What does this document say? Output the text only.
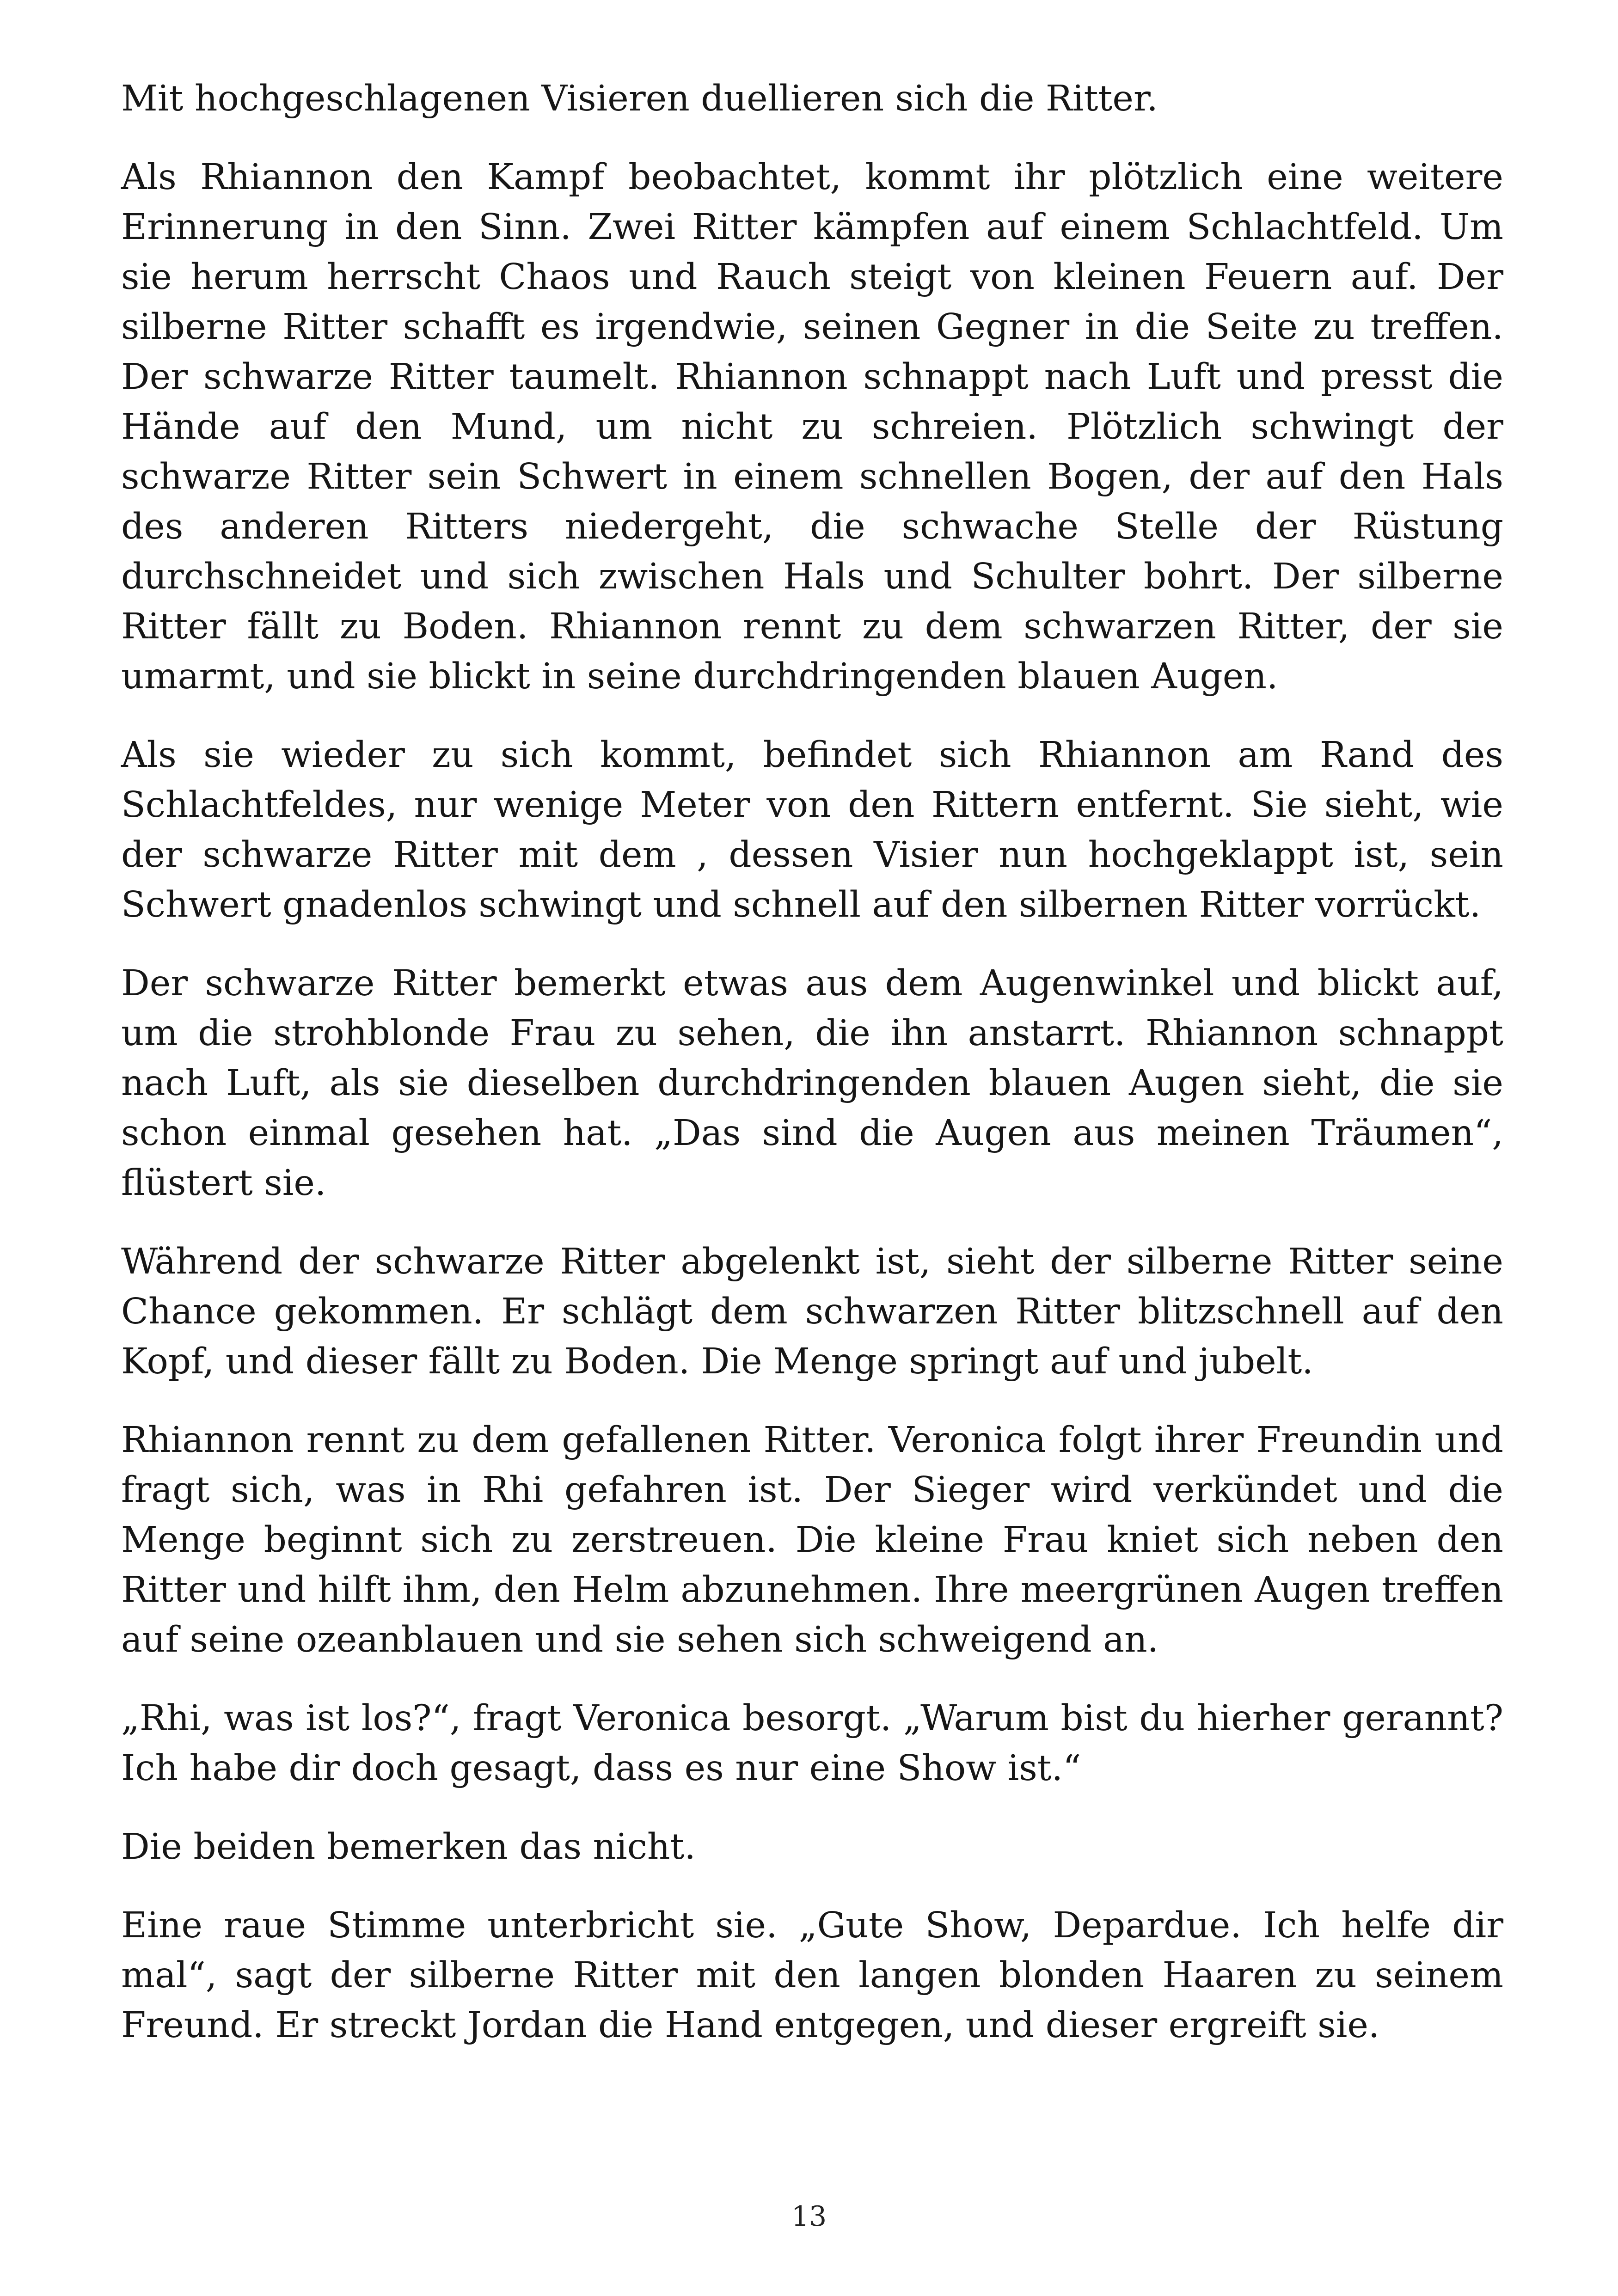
Mit hochgeschlagenen Visieren duellieren sich die Ritter.

Als Rhiannon den Kampf beobachtet, kommt ihr plötzlich eine weitere Erinnerung in den Sinn. Zwei Ritter kämpfen auf einem Schlachtfeld. Um sie herum herrscht Chaos und Rauch steigt von kleinen Feuern auf. Der silberne Ritter schafft es irgendwie, seinen Gegner in die Seite zu treffen. Der schwarze Ritter taumelt. Rhiannon schnappt nach Luft und presst die Hände auf den Mund, um nicht zu schreien. Plötzlich schwingt der schwarze Ritter sein Schwert in einem schnellen Bogen, der auf den Hals des anderen Ritters niedergeht, die schwache Stelle der Rüstung durchschneidet und sich zwischen Hals und Schulter bohrt. Der silberne Ritter fällt zu Boden. Rhiannon rennt zu dem schwarzen Ritter, der sie umarmt, und sie blickt in seine durchdringenden blauen Augen.

Als sie wieder zu sich kommt, befindet sich Rhiannon am Rand des Schlachtfeldes, nur wenige Meter von den Rittern entfernt. Sie sieht, wie der schwarze Ritter mit dem , dessen Visier nun hochgeklappt ist, sein Schwert gnadenlos schwingt und schnell auf den silbernen Ritter vorrückt.

Der schwarze Ritter bemerkt etwas aus dem Augenwinkel und blickt auf, um die strohblonde Frau zu sehen, die ihn anstarrt. Rhiannon schnappt nach Luft, als sie dieselben durchdringenden blauen Augen sieht, die sie schon einmal gesehen hat. „Das sind die Augen aus meinen Träumen“, flüstert sie.

Während der schwarze Ritter abgelenkt ist, sieht der silberne Ritter seine Chance gekommen. Er schlägt dem schwarzen Ritter blitzschnell auf den Kopf, und dieser fällt zu Boden. Die Menge springt auf und jubelt.

Rhiannon rennt zu dem gefallenen Ritter. Veronica folgt ihrer Freundin und fragt sich, was in Rhi gefahren ist. Der Sieger wird verkündet und die Menge beginnt sich zu zerstreuen. Die kleine Frau kniet sich neben den Ritter und hilft ihm, den Helm abzunehmen. Ihre meergrünen Augen treffen auf seine ozeanblauen und sie sehen sich schweigend an.

„Rhi, was ist los?“, fragt Veronica besorgt. „Warum bist du hierher gerannt? Ich habe dir doch gesagt, dass es nur eine Show ist.“

Die beiden bemerken das nicht.

Eine raue Stimme unterbricht sie. „Gute Show, Depardue. Ich helfe dir mal“, sagt der silberne Ritter mit den langen blonden Haaren zu seinem Freund. Er streckt Jordan die Hand entgegen, und dieser ergreift sie.

13
